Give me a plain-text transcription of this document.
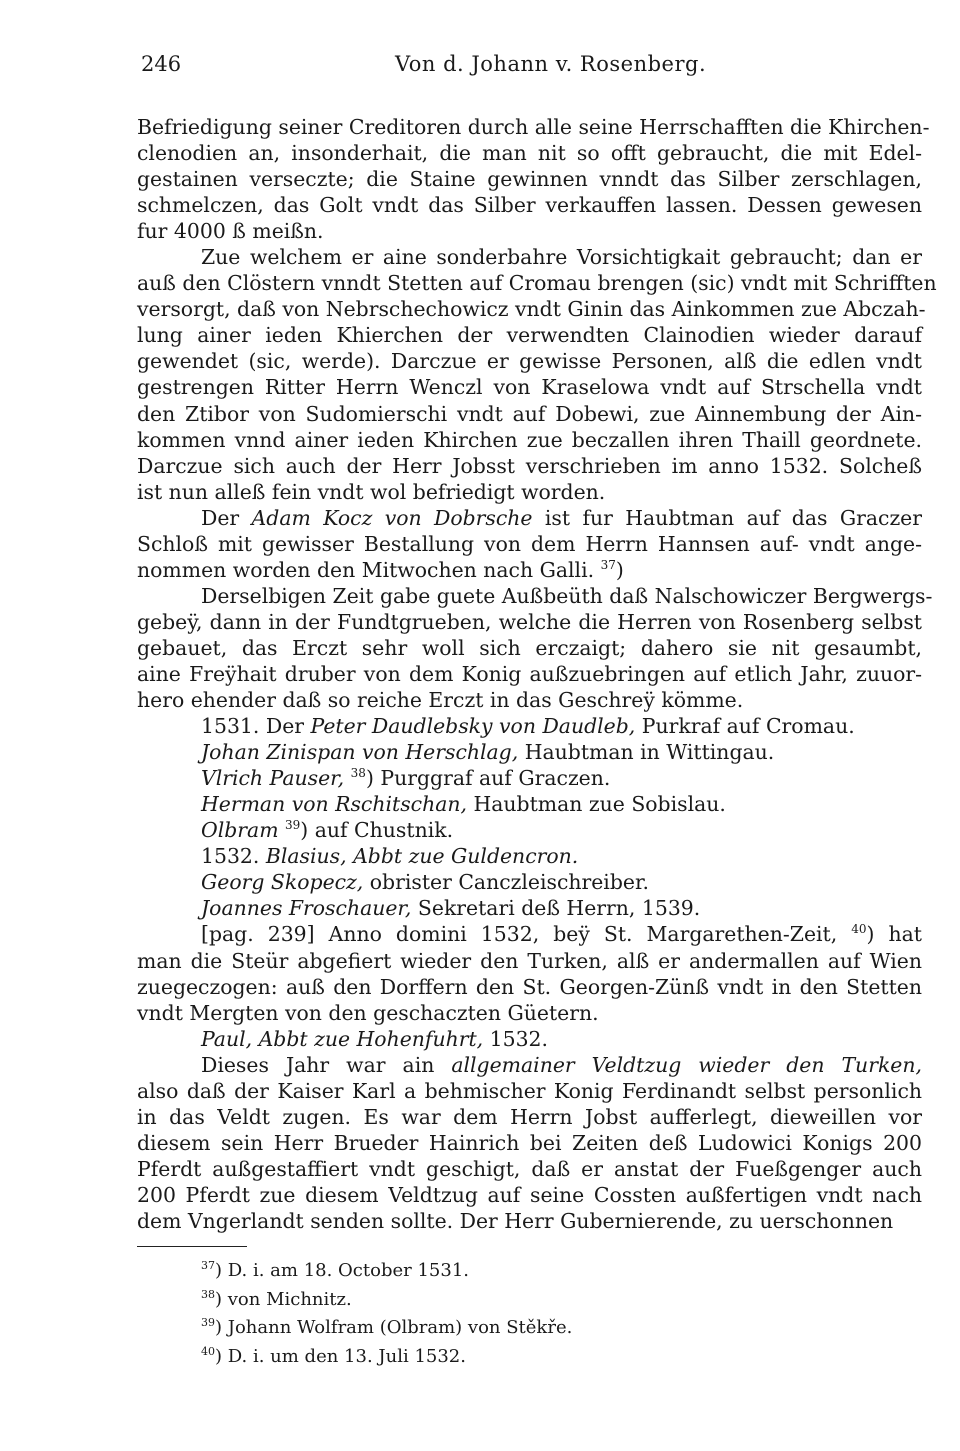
246	Von d. Johann v. Rosenberg.
Befriedigung seiner Creditoren durch alle seine Herrschafften die Khirchen-
clenodien an, insonderhait, die man nit so offt gebraucht, die mit Edel-
gestainen verseczte; die Staine gewinnen vnndt das Silber zerschlagen,
schmelczen, das Golt vndt das Silber verkauffen lassen. Dessen gewesen
fur 4000 ß meißn.
Zue welchem er aine sonderbahre Vorsichtigkait gebraucht; dan er
auß den Clöstern vnndt Stetten auf Cromau brengen (sic) vndt mit Schrifften
versorgt, daß von Nebrschechowicz vndt Ginin das Ainkommen zue Abczah-
lung ainer ieden Khierchen der verwendten Clainodien wieder darauf
gewendet (sic, werde). Darczue er gewisse Personen, alß die edlen vndt
gestrengen Ritter Herrn Wenczl von Kraselowa vndt auf Strschella vndt
den Ztibor von Sudomierschi vndt auf Dobewi, zue Ainnembung der Ain-
kommen vnnd ainer ieden Khirchen zue beczallen ihren Thaill geordnete.
Darczue sich auch der Herr Jobsst verschrieben im anno 1532. Solcheß
ist nun alleß fein vndt wol befriedigt worden.
Der Adam Kocz von Dobrsche ist fur Haubtman auf das Graczer
Schloß mit gewisser Bestallung von dem Herrn Hannsen auf- vndt ange-
nommen worden den Mitwochen nach Galli. $^{37}$)
Derselbigen Zeit gabe guete Außbeüth daß Nalschowiczer Bergwergs-
gebeÿ, dann in der Fundtgrueben, welche die Herren von Rosenberg selbst
gebauet, das Erczt sehr woll sich erczaigt; dahero sie nit gesaumbt,
aine Freÿhait druber von dem Konig außzuebringen auf etlich Jahr, zuuor-
hero ehender daß so reiche Erczt in das Geschreÿ kömme.
1531. Der Peter Daudlebsky von Daudleb, Purkraf auf Cromau.
Johan Zinispan von Herschlag, Haubtman in Wittingau.
Vlrich Pauser, $^{38}$) Purggraf auf Graczen.
Herman von Rschitschan, Haubtman zue Sobislau.
Olbram $^{39}$) auf Chustnik.
1532. Blasius, Abbt zue Guldencron.
Georg Skopecz, obrister Canczleischreiber.
Joannes Froschauer, Sekretari deß Herrn, 1539.
[pag. 239] Anno domini 1532, beÿ St. Margarethen-Zeit, $^{40}$) hat
man die Steür abgefiert wieder den Turken, alß er andermallen auf Wien
zuegeczogen: auß den Dorffern den St. Georgen-Zünß vndt in den Stetten
vndt Mergten von den geschaczten Güetern.
Paul, Abbt zue Hohenfuhrt, 1532.
Dieses Jahr war ain allgemainer Veldtzug wieder den Turken,
also daß der Kaiser Karl a behmischer Konig Ferdinandt selbst personlich
in das Veldt zugen. Es war dem Herrn Jobst aufferlegt, dieweillen vor
diesem sein Herr Brueder Hainrich bei Zeiten deß Ludowici Konigs 200
Pferdt außgestaffiert vndt geschigt, daß er anstat der Fueßgenger auch
200 Pferdt zue diesem Veldtzug auf seine Cossten außfertigen vndt nach
dem Vngerlandt senden sollte. Der Herr Gubernierende, zu uerschonnen
$^{37}$) D. i. am 18. October 1531.
$^{38}$) von Michnitz.
$^{39}$) Johann Wolfram (Olbram) von Stěkře.
$^{40}$) D. i. um den 13. Juli 1532.
